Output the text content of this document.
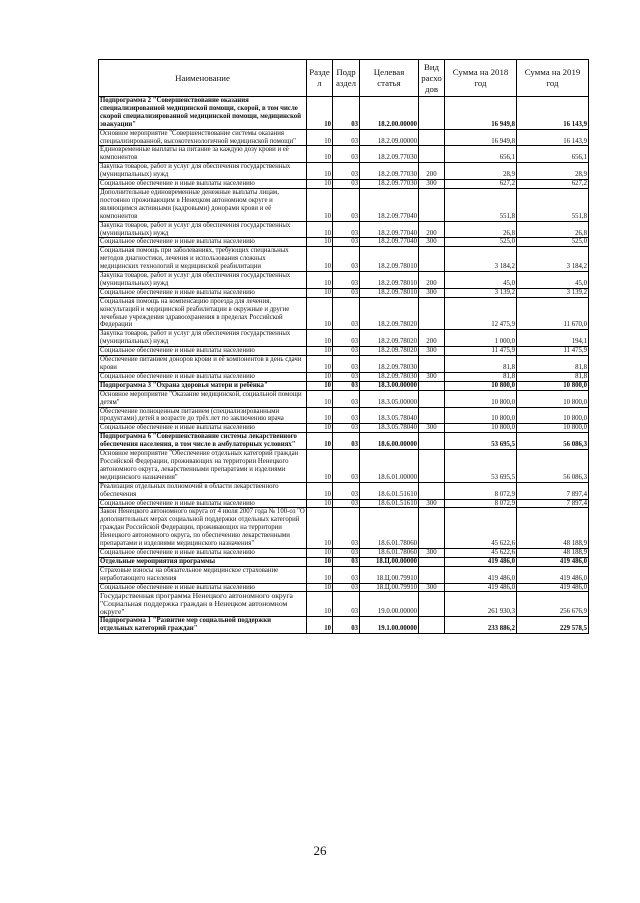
Наименование	Разде л	Подр аздел	Целевая статья	Вид расхо дов	Сумма на 2018 год	Сумма на 2019 год
Подпрограмма 2 "Совершенствование оказания специализированной медицинской помощи, скорой, в том числе скорой специализированной медицинской помощи, медицинской эвакуации"	10	03	18.2.00.00000		16 949,8	16 143,9
Основное мероприятие "Совершенствование системы оказания специализированной, высокотехнологичной медицинской помощи"	10	03	18.2.09.00000		16 949,8	16 143,9
Единовременные выплаты на питание за каждую дозу крови и её компонентов	10	03	18.2.09.77030		656,1	656,1
Закупка товаров, работ и услуг для обеспечения государственных (муниципальных) нужд	10	03	18.2.09.77030	200	28,9	28,9
Социальное обеспечение и иные выплаты населению	10	03	18.2.09.77030	300	627,2	627,2
Дополнительные единовременные денежные выплаты лицам, постоянно проживающим в Ненецком автономном округе и являющимся активными (кадровыми) донорами крови и её компонентов	10	03	18.2.09.77040		551,8	551,8
Закупка товаров, работ и услуг для обеспечения государственных (муниципальных) нужд	10	03	18.2.09.77040	200	26,8	26,8
Социальное обеспечение и иные выплаты населению	10	03	18.2.09.77040	300	525,0	525,0
Социальная помощь при заболеваниях, требующих специальных методов диагностики, лечения и использования сложных медицинских технологий и медицинской реабилитации	10	03	18.2.09.78010		3 184,2	3 184,2
Закупка товаров, работ и услуг для обеспечения государственных (муниципальных) нужд	10	03	18.2.09.78010	200	45,0	45,0
Социальное обеспечение и иные выплаты населению	10	03	18.2.09.78010	300	3 139,2	3 139,2
Социальная помощь на компенсацию проезда для лечения, консультаций и медицинской реабилитации в окружные и другие лечебные учреждения здравоохранения в пределах Российской Федерации	10	03	18.2.09.78020		12 475,9	11 670,0
Закупка товаров, работ и услуг для обеспечения государственных (муниципальных) нужд	10	03	18.2.09.78020	200	1 000,0	194,1
Социальное обеспечение и иные выплаты населению	10	03	18.2.09.78020	300	11 475,9	11 475,9
Обеспечение питанием доноров крови и её компонентов в день сдачи крови	10	03	18.2.09.78030		81,8	81,8
Социальное обеспечение и иные выплаты населению	10	03	18.2.09.78030	300	81,8	81,8
Подпрограмма 3 "Охрана здоровья матери и ребёнка"	10	03	18.3.00.00000		10 800,0	10 800,0
Основное мероприятие "Оказание медицинской, социальной помощи детям"	10	03	18.3.05.00000		10 800,0	10 800,0
Обеспечение полноценным питанием (специализированными продуктами) детей в возрасте до трёх лет по заключению врача	10	03	18.3.05.78040		10 800,0	10 800,0
Социальное обеспечение и иные выплаты населению	10	03	18.3.05.78040	300	10 800,0	10 800,0
Подпрограмма 6 "Совершенствование системы лекарственного обеспечения населения, в том числе в амбулаторных условиях"	10	03	18.6.00.00000		53 695,5	56 086,3
Основное мероприятие "Обеспечение отдельных категорий граждан Российской Федерации, проживающих на территории Ненецкого автономного округа, лекарственными препаратами и изделиями медицинского назначения"	10	03	18.6.01.00000		53 695,5	56 086,3
Реализация отдельных полномочий в области лекарственного обеспечения	10	03	18.6.01.51610		8 072,9	7 897,4
Социальное обеспечение и иные выплаты населению	10	03	18.6.01.51610	300	8 072,9	7 897,4
Закон Ненецкого автономного округа от 4 июля 2007 года № 100-оз "О дополнительных мерах социальной поддержки отдельных категорий граждан Российской Федерации, проживающих на территории Ненецкого автономного округа, по обеспечению лекарственными препаратами и изделиями медицинского назначения"	10	03	18.6.01.78060		45 622,6	48 188,9
Социальное обеспечение и иные выплаты населению	10	03	18.6.01.78060	300	45 622,6	48 188,9
Отдельные мероприятия программы	10	03	18.Ц.00.00000		419 486,0	419 486,0
Страховые взносы на обязательное медицинское страхование неработающего населения	10	03	18.Ц.00.79910		419 486,0	419 486,0
Социальное обеспечение и иные выплаты населению	10	03	18.Ц.00.79910	300	419 486,0	419 486,0
Государственная программа Ненецкого автономного округа "Социальная поддержка граждан в Ненецком автономном округе"	10	03	19.0.00.00000		261 930,3	256 676,9
Подпрограмма 1 "Развитие мер социальной поддержки отдельных категорий граждан"	10	03	19.1.00.00000		233 886,2	229 578,5
26
